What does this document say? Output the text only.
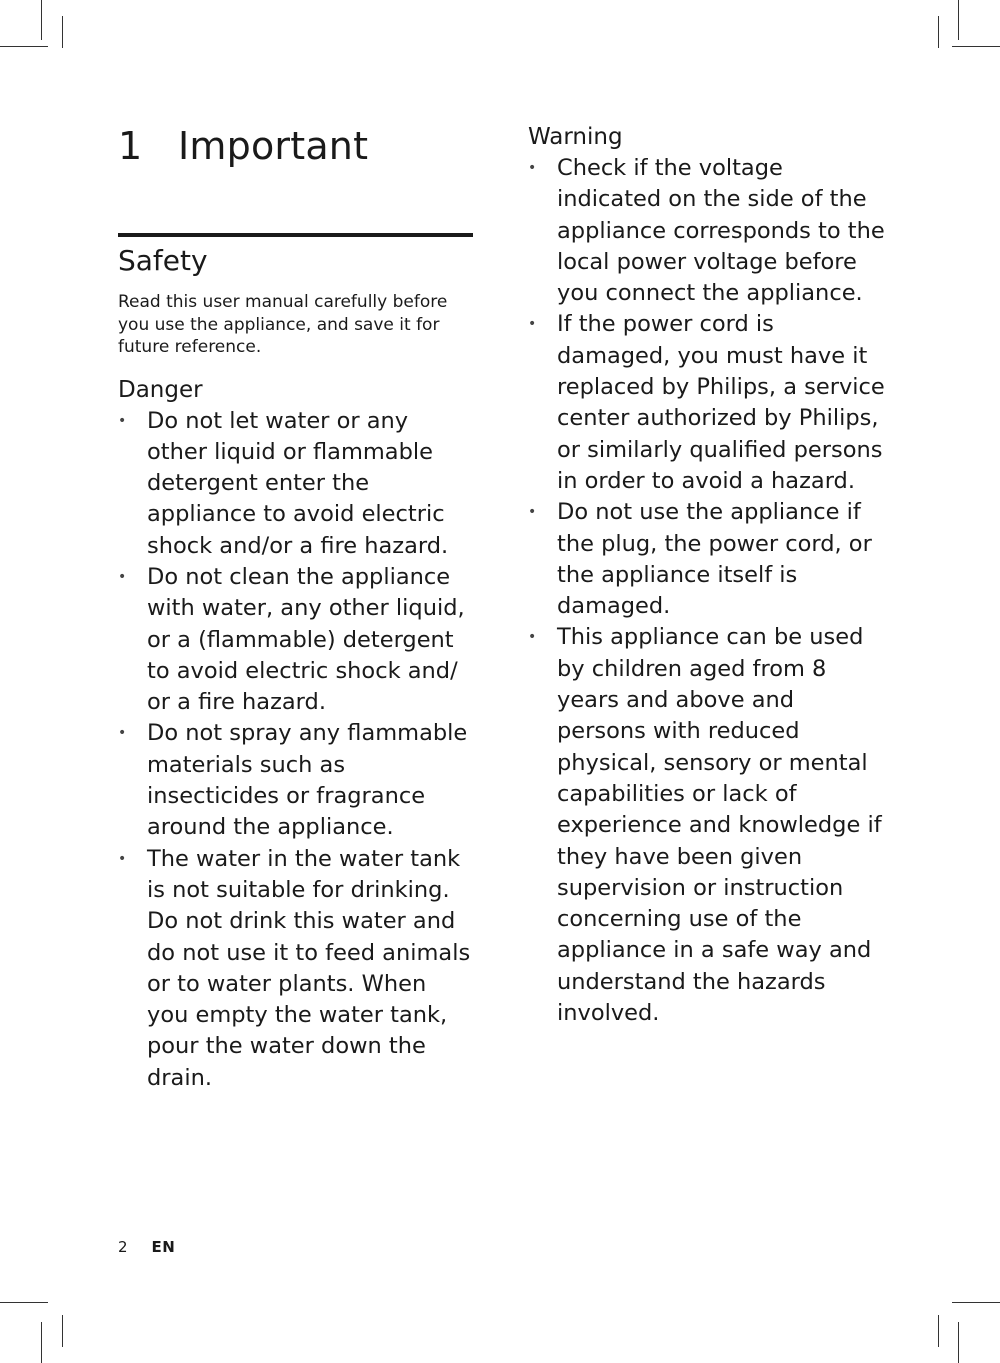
1 Important
Safety
Read this user manual carefully before you use the appliance, and save it for future reference.
Danger
• Do not let water or any other liquid or flammable detergent enter the appliance to avoid electric shock and/or a fire hazard.
• Do not clean the appliance with water, any other liquid, or a (flammable) detergent to avoid electric shock and/ or a fire hazard.
• Do not spray any flammable materials such as insecticides or fragrance around the appliance.
• The water in the water tank is not suitable for drinking. Do not drink this water and do not use it to feed animals or to water plants. When you empty the water tank, pour the water down the drain.
Warning
• Check if the voltage indicated on the side of the appliance corresponds to the local power voltage before you connect the appliance.
• If the power cord is damaged, you must have it replaced by Philips, a service center authorized by Philips, or similarly qualified persons in order to avoid a hazard.
• Do not use the appliance if the plug, the power cord, or the appliance itself is damaged.
• This appliance can be used by children aged from 8 years and above and persons with reduced physical, sensory or mental capabilities or lack of experience and knowledge if they have been given supervision or instruction concerning use of the appliance in a safe way and understand the hazards involved.
2 EN
